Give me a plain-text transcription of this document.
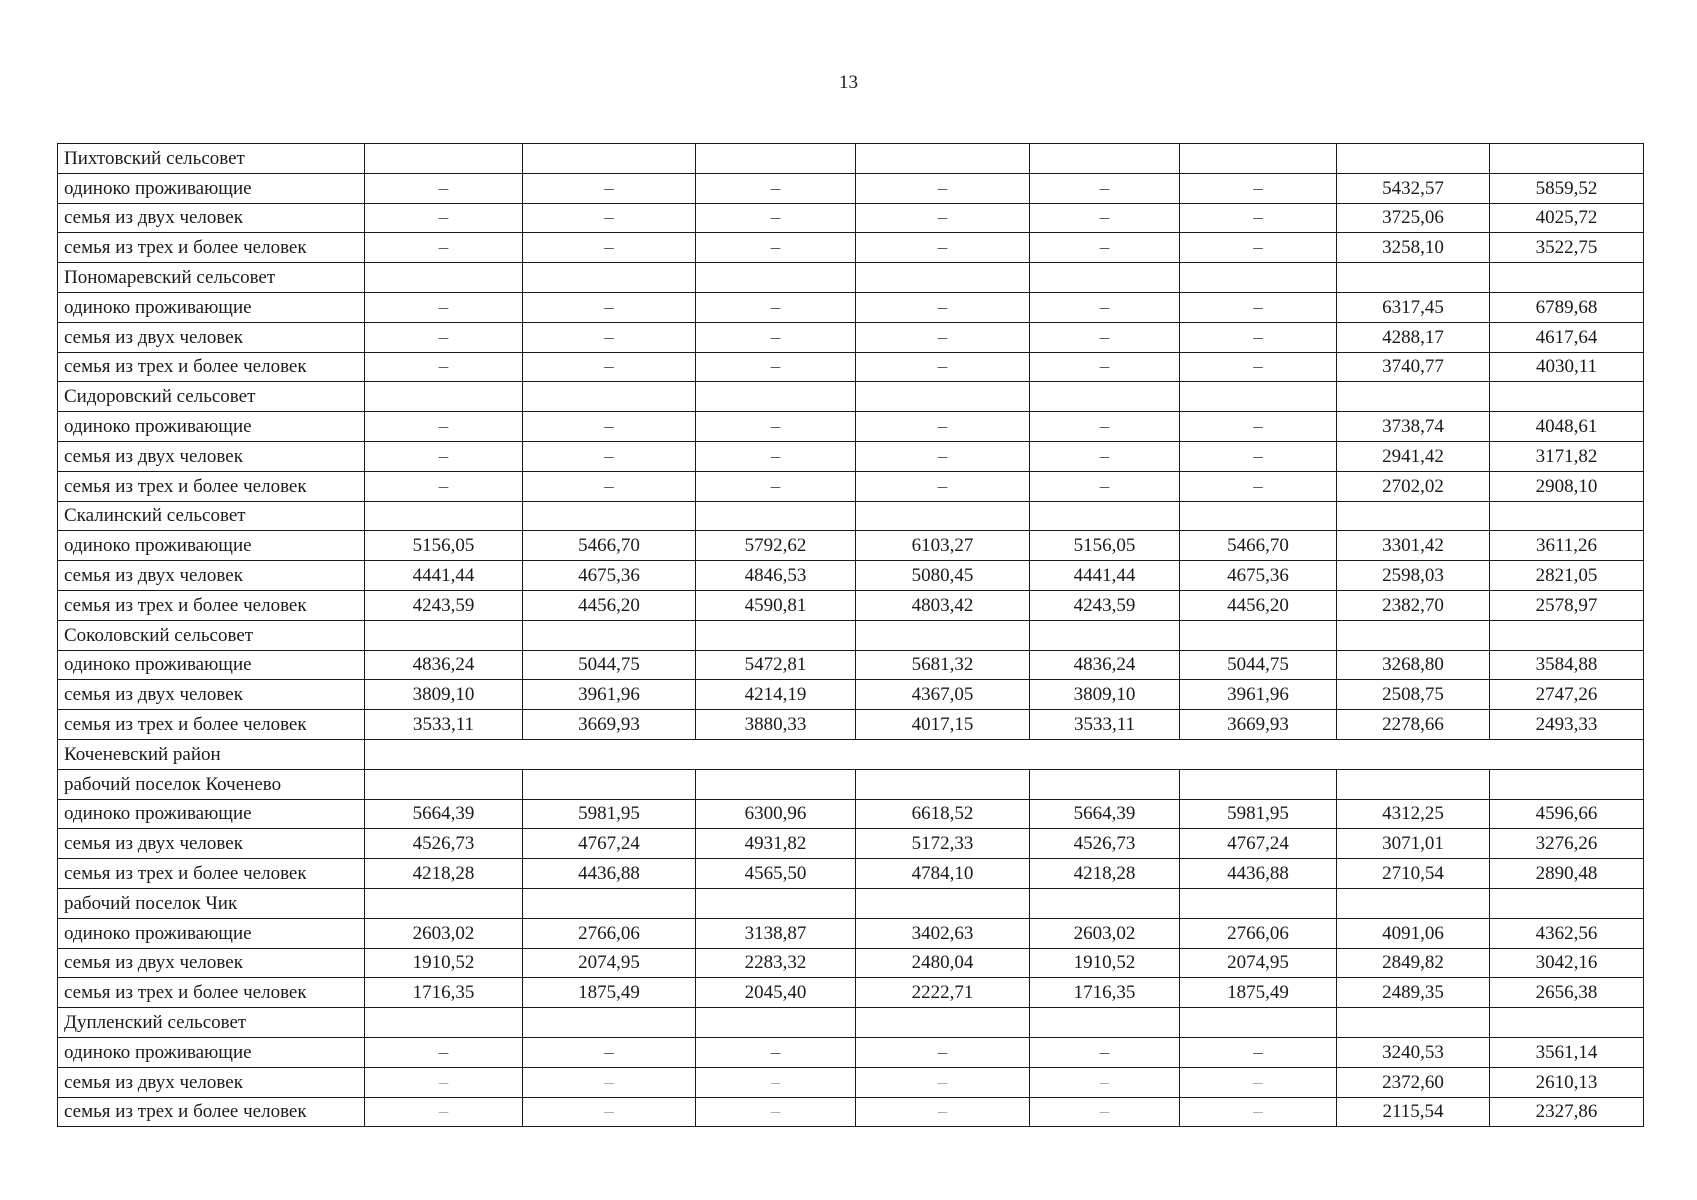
13
Пихтовский сельсовет								
одиноко проживающие	–	–	–	–	–	–	5432,57	5859,52
семья из двух человек	–	–	–	–	–	–	3725,06	4025,72
семья из трех и более человек	–	–	–	–	–	–	3258,10	3522,75
Пономаревский сельсовет								
одиноко проживающие	–	–	–	–	–	–	6317,45	6789,68
семья из двух человек	–	–	–	–	–	–	4288,17	4617,64
семья из трех и более человек	–	–	–	–	–	–	3740,77	4030,11
Сидоровский сельсовет								
одиноко проживающие	–	–	–	–	–	–	3738,74	4048,61
семья из двух человек	–	–	–	–	–	–	2941,42	3171,82
семья из трех и более человек	–	–	–	–	–	–	2702,02	2908,10
Скалинский сельсовет								
одиноко проживающие	5156,05	5466,70	5792,62	6103,27	5156,05	5466,70	3301,42	3611,26
семья из двух человек	4441,44	4675,36	4846,53	5080,45	4441,44	4675,36	2598,03	2821,05
семья из трех и более человек	4243,59	4456,20	4590,81	4803,42	4243,59	4456,20	2382,70	2578,97
Соколовский сельсовет								
одиноко проживающие	4836,24	5044,75	5472,81	5681,32	4836,24	5044,75	3268,80	3584,88
семья из двух человек	3809,10	3961,96	4214,19	4367,05	3809,10	3961,96	2508,75	2747,26
семья из трех и более человек	3533,11	3669,93	3880,33	4017,15	3533,11	3669,93	2278,66	2493,33
Коченевский район								
рабочий поселок Коченево								
одиноко проживающие	5664,39	5981,95	6300,96	6618,52	5664,39	5981,95	4312,25	4596,66
семья из двух человек	4526,73	4767,24	4931,82	5172,33	4526,73	4767,24	3071,01	3276,26
семья из трех и более человек	4218,28	4436,88	4565,50	4784,10	4218,28	4436,88	2710,54	2890,48
рабочий поселок Чик								
одиноко проживающие	2603,02	2766,06	3138,87	3402,63	2603,02	2766,06	4091,06	4362,56
семья из двух человек	1910,52	2074,95	2283,32	2480,04	1910,52	2074,95	2849,82	3042,16
семья из трех и более человек	1716,35	1875,49	2045,40	2222,71	1716,35	1875,49	2489,35	2656,38
Дупленский сельсовет								
одиноко проживающие	–	–	–	–	–	–	3240,53	3561,14
семья из двух человек	–	–	–	–	–	–	2372,60	2610,13
семья из трех и более человек	–	–	–	–	–	–	2115,54	2327,86
